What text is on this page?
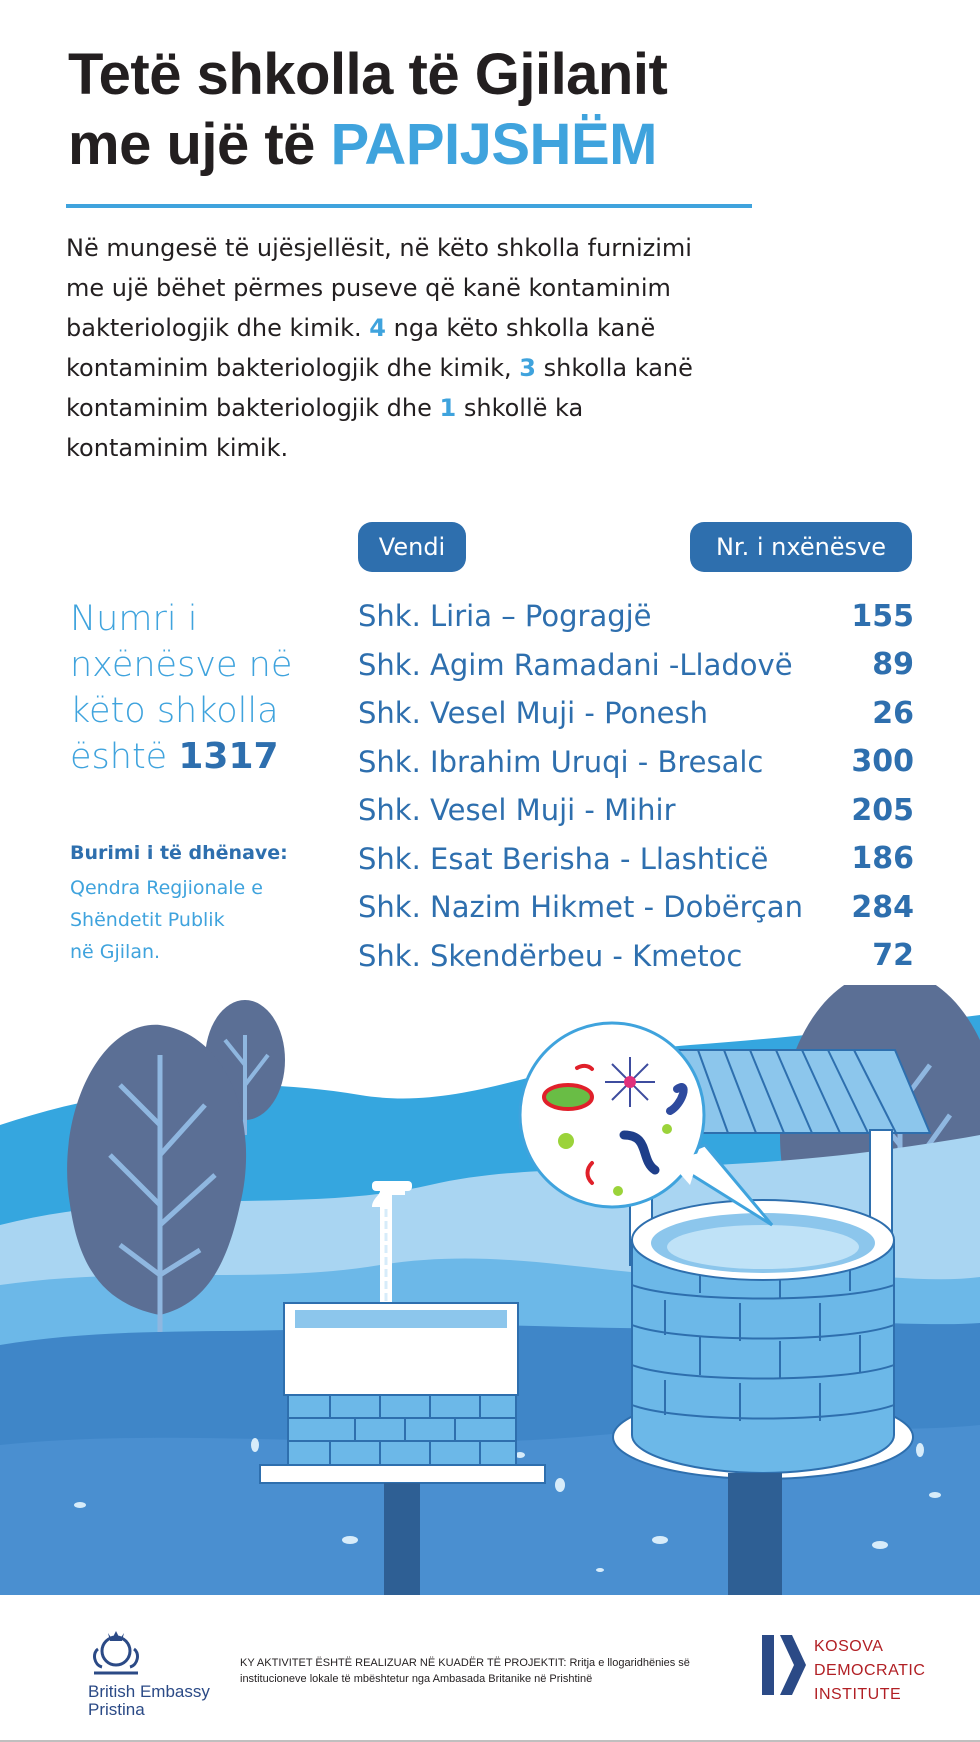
Tetë shkolla të Gjilanit
me ujë të PAPIJSHËM
Në mungesë të ujësjellësit, në këto shkolla furnizimi me ujë bëhet përmes puseve që kanë kontaminim bakteriologjik dhe kimik. 4 nga këto shkolla kanë kontaminim bakteriologjik dhe kimik, 3 shkolla kanë kontaminim bakteriologjik dhe 1 shkollë ka kontaminim kimik.
Vendi	Nr. i nxënësve
Shk. Liria – Pogragjë	155
Shk. Agim Ramadani -Lladovë	89
Shk. Vesel Muji - Ponesh	26
Shk. Ibrahim Uruqi - Bresalc	300
Shk. Vesel Muji - Mihir	205
Shk. Esat Berisha - Llashticë	186
Shk. Nazim Hikmet - Dobërçan 284
Shk. Skendërbeu - Kmetoc	72
Numri i
nxënësve në
këto shkolla
është 1317
Burimi i të dhënave:
Qendra Regjionale e
Shëndetit Publik
në Gjilan.
British Embassy
Pristina
KY AKTIVITET ËSHTË REALIZUAR NË KUADËR TË PROJEKTIT: Rritja e llogaridhënies së institucioneve lokale të mbështetur nga Ambasada Britanike në Prishtinë
KOSOVA
DEMOCRATIC
INSTITUTE
